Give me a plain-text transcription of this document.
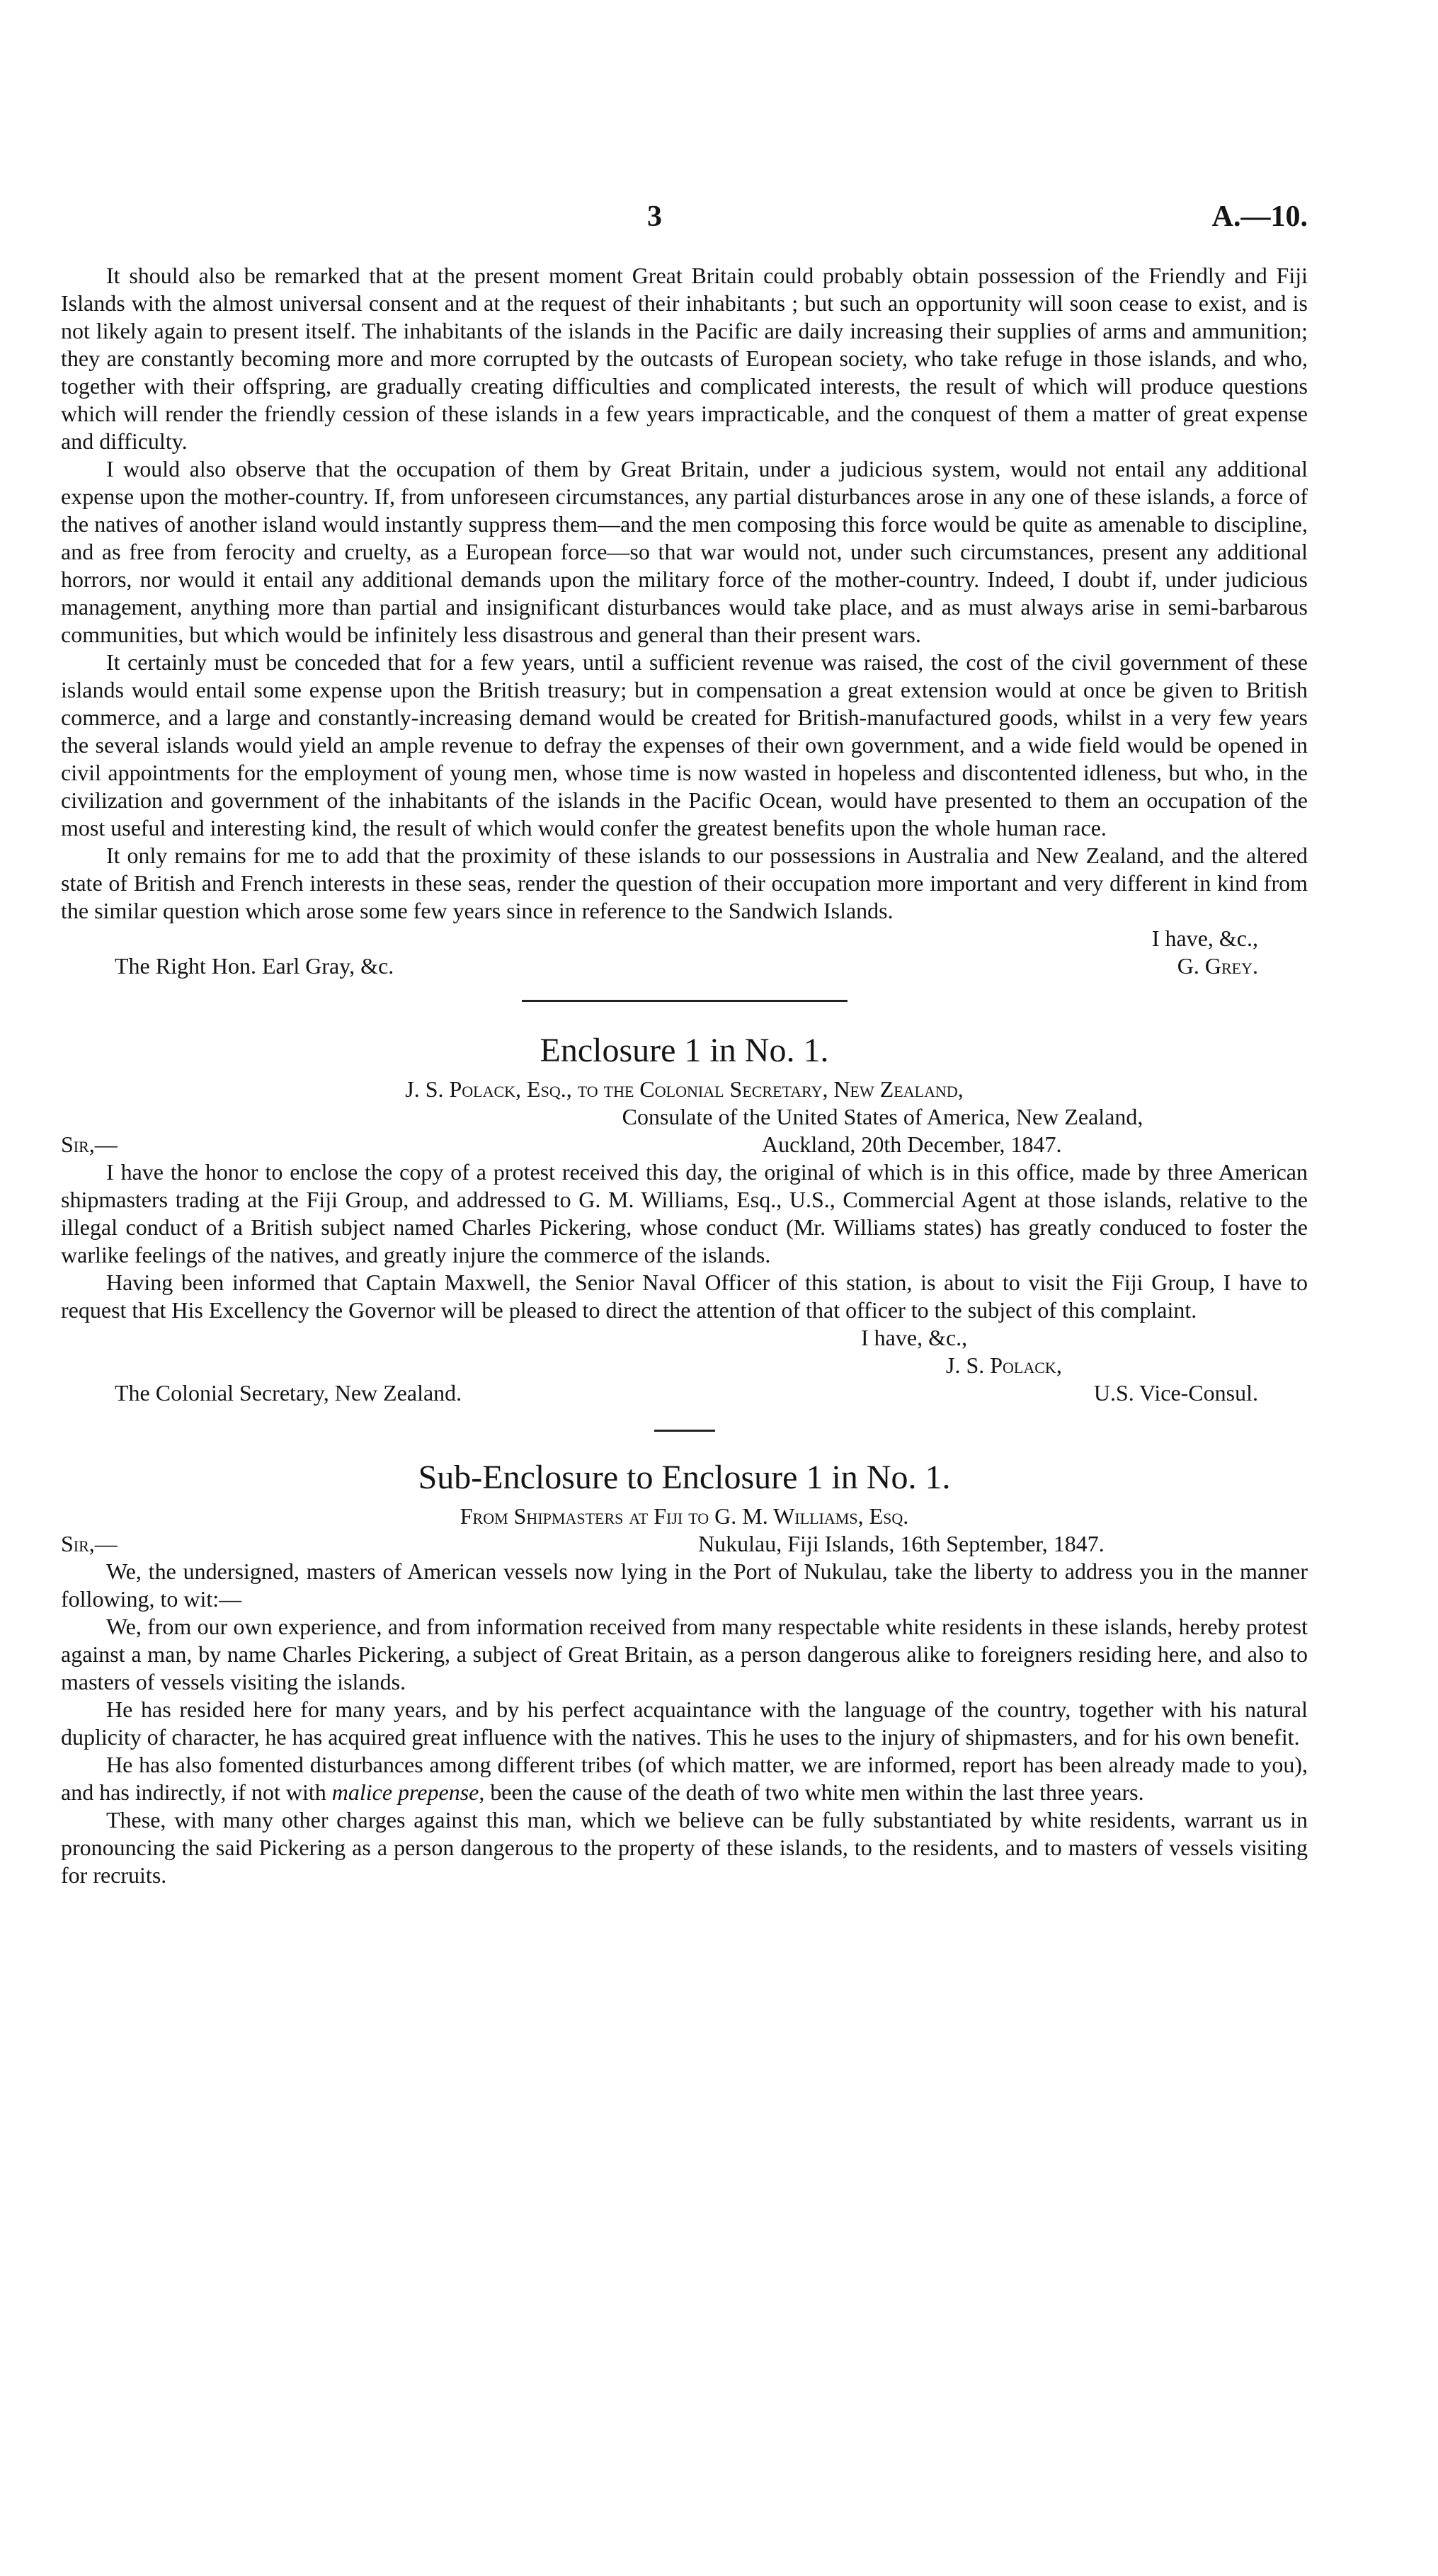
3	A.—10.

It should also be remarked that at the present moment Great Britain could probably obtain possession of the Friendly and Fiji Islands with the almost universal consent and at the request of their inhabitants ; but such an opportunity will soon cease to exist, and is not likely again to present itself. The inhabitants of the islands in the Pacific are daily increasing their supplies of arms and ammunition; they are constantly becoming more and more corrupted by the outcasts of European society, who take refuge in those islands, and who, together with their offspring, are gradually creating difficulties and complicated interests, the result of which will produce questions which will render the friendly cession of these islands in a few years impracticable, and the conquest of them a matter of great expense and difficulty.

I would also observe that the occupation of them by Great Britain, under a judicious system, would not entail any additional expense upon the mother-country. If, from unforeseen circumstances, any partial disturbances arose in any one of these islands, a force of the natives of another island would instantly suppress them—and the men composing this force would be quite as amenable to discipline, and as free from ferocity and cruelty, as a European force—so that war would not, under such circumstances, present any additional horrors, nor would it entail any additional demands upon the military force of the mother-country. Indeed, I doubt if, under judicious management, anything more than partial and insignificant disturbances would take place, and as must always arise in semi-barbarous communities, but which would be infinitely less disastrous and general than their present wars.

It certainly must be conceded that for a few years, until a sufficient revenue was raised, the cost of the civil government of these islands would entail some expense upon the British treasury; but in compensation a great extension would at once be given to British commerce, and a large and constantly-increasing demand would be created for British-manufactured goods, whilst in a very few years the several islands would yield an ample revenue to defray the expenses of their own government, and a wide field would be opened in civil appointments for the employment of young men, whose time is now wasted in hopeless and discontented idleness, but who, in the civilization and government of the inhabitants of the islands in the Pacific Ocean, would have presented to them an occupation of the most useful and interesting kind, the result of which would confer the greatest benefits upon the whole human race.

It only remains for me to add that the proximity of these islands to our possessions in Australia and New Zealand, and the altered state of British and French interests in these seas, render the question of their occupation more important and very different in kind from the similar question which arose some few years since in reference to the Sandwich Islands.

I have, &c.,
The Right Hon. Earl Gray, &c.	G. Grey.
Enclosure 1 in No. 1.
J. S. Polack, Esq., to the Colonial Secretary, New Zealand,
Consulate of the United States of America, New Zealand,
Sir,—	Auckland, 20th December, 1847.

I have the honor to enclose the copy of a protest received this day, the original of which is in this office, made by three American shipmasters trading at the Fiji Group, and addressed to G. M. Williams, Esq., U.S., Commercial Agent at those islands, relative to the illegal conduct of a British subject named Charles Pickering, whose conduct (Mr. Williams states) has greatly conduced to foster the warlike feelings of the natives, and greatly injure the commerce of the islands.

Having been informed that Captain Maxwell, the Senior Naval Officer of this station, is about to visit the Fiji Group, I have to request that His Excellency the Governor will be pleased to direct the attention of that officer to the subject of this complaint.

I have, &c.,
J. S. Polack,
The Colonial Secretary, New Zealand.	U.S. Vice-Consul.
Sub-Enclosure to Enclosure 1 in No. 1.
From Shipmasters at Fiji to G. M. Williams, Esq.
Sir,—	Nukulau, Fiji Islands, 16th September, 1847.

We, the undersigned, masters of American vessels now lying in the Port of Nukulau, take the liberty to address you in the manner following, to wit:—

We, from our own experience, and from information received from many respectable white residents in these islands, hereby protest against a man, by name Charles Pickering, a subject of Great Britain, as a person dangerous alike to foreigners residing here, and also to masters of vessels visiting the islands.

He has resided here for many years, and by his perfect acquaintance with the language of the country, together with his natural duplicity of character, he has acquired great influence with the natives. This he uses to the injury of shipmasters, and for his own benefit.

He has also fomented disturbances among different tribes (of which matter, we are informed, report has been already made to you), and has indirectly, if not with malice prepense, been the cause of the death of two white men within the last three years.

These, with many other charges against this man, which we believe can be fully substantiated by white residents, warrant us in pronouncing the said Pickering as a person dangerous to the property of these islands, to the residents, and to masters of vessels visiting for recruits.
